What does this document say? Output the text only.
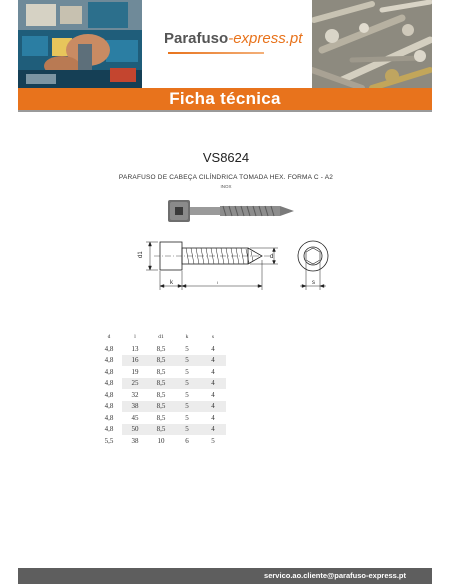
Parafuso-express.pt
Ficha técnica
VS8624
PARAFUSO DE CABEÇA CILÍNDRICA TOMADA HEX. FORMA C - A2
INOX
d1	d
k	l	s
d	l	d1	k	s
4,8	13	8,5	5	4
4,8	16	8,5	5	4
4,8	19	8,5	5	4
4,8	25	8,5	5	4
4,8	32	8,5	5	4
4,8	38	8,5	5	4
4,8	45	8,5	5	4
4,8	50	8,5	5	4
5,5	38	10	6	5
servico.ao.cliente@parafuso-express.pt
